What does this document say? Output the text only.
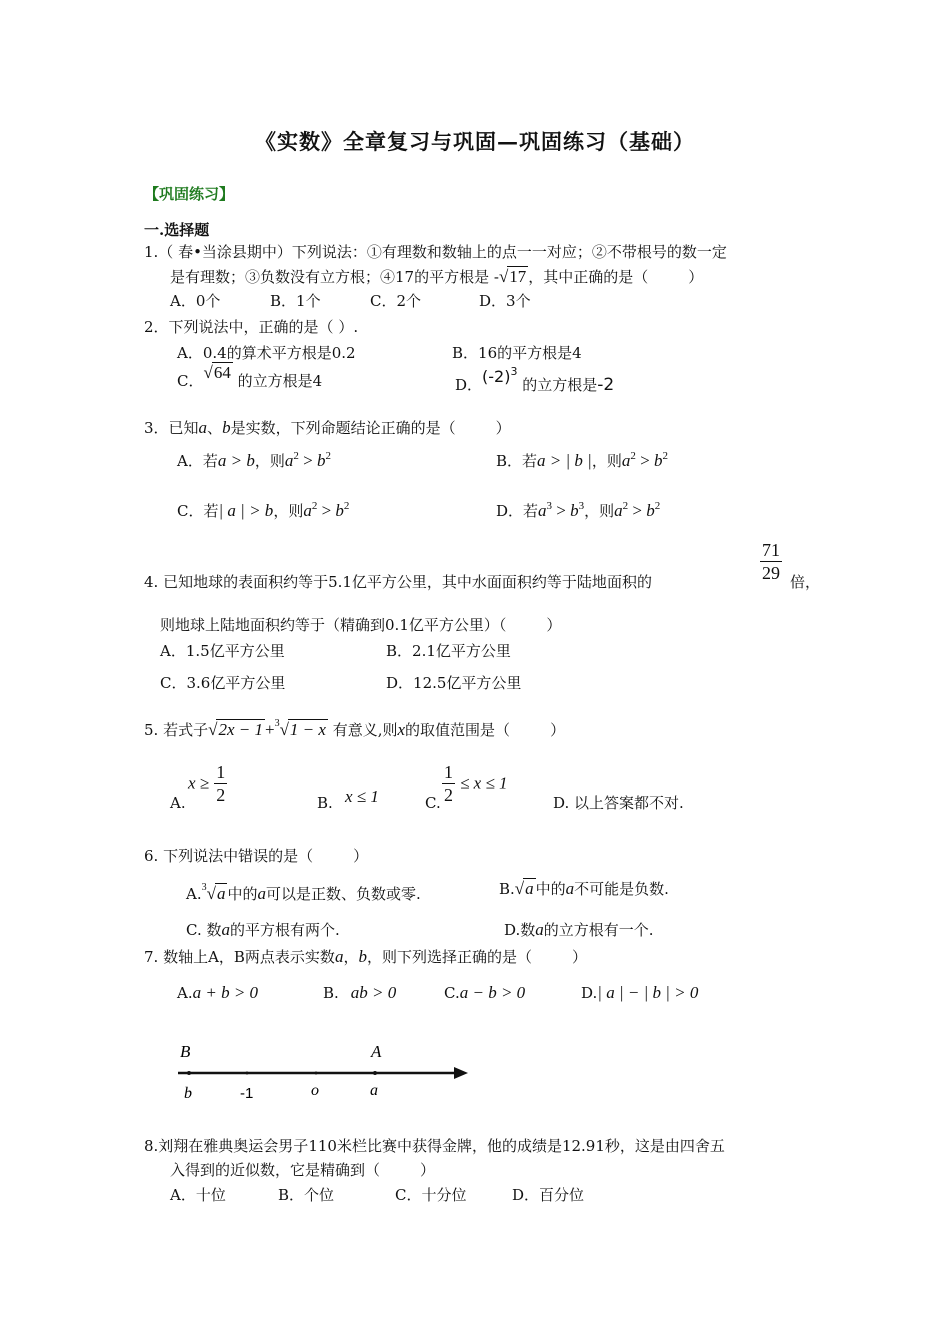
《实数》全章复习与巩固—巩固练习（基础）
【巩固练习】
一.选择题
1.（ 春•当涂县期中）下列说法：①有理数和数轴上的点一一对应；②不带根号的数一定
是有理数；③负数没有立方根；④17的平方根是 -√17 ，其中正确的是（	）
A．0个	B．1个	C．2个	D．3个
2．下列说法中，正确的是（ ）.
A．0.4的算术平方根是0.2	B．16的平方根是4
C．√64 的立方根是4	D．$(-2)^3$ 的立方根是-2
3．已知a、b是实数，下列命题结论正确的是（	）
A．若a > b，则$a^2 > b^2$	B．若a > | b |，则$a^2 > b^2$
C．若| a | > b，则$a^2 > b^2$	D．若$a^3 > b^3$，则$a^2 > b^2$
4. 已知地球的表面积约等于5.1亿平方公里，其中水面面积约等于陆地面积的	$\frac{71}{29}$ 倍，
则地球上陆地面积约等于（精确到0.1亿平方公里）（	）
A．1.5亿平方公里	B．2.1亿平方公里
C．3.6亿平方公里	D．12.5亿平方公里
5. 若式子√2x − 1 +$^3$√1 − x 有意义,则x的取值范围是（	）
A.
$x \ge \frac{1}{2}$	B. x ≤ 1	C. $\frac{1}{2} \le x \le 1$
D. 以上答案都不对.
6. 下列说法中错误的是（	）
A.$^3$√a 中的a可以是正数、负数或零.	B.√a 中的a不可能是负数.
C. 数a的平方根有两个.	D.数a的立方根有一个.
7. 数轴上A，B两点表示实数a，b，则下列选择正确的是（	）
A.a + b > 0	B. ab > 0	C.a − b > 0	D.| a | − | b | > 0
B	A
b	-1	o	a
8.刘翔在雅典奥运会男子110米栏比赛中获得金牌，他的成绩是12.91秒，这是由四舍五
入得到的近似数，它是精确到（	）
A．十位	B．个位	C．十分位	D．百分位
